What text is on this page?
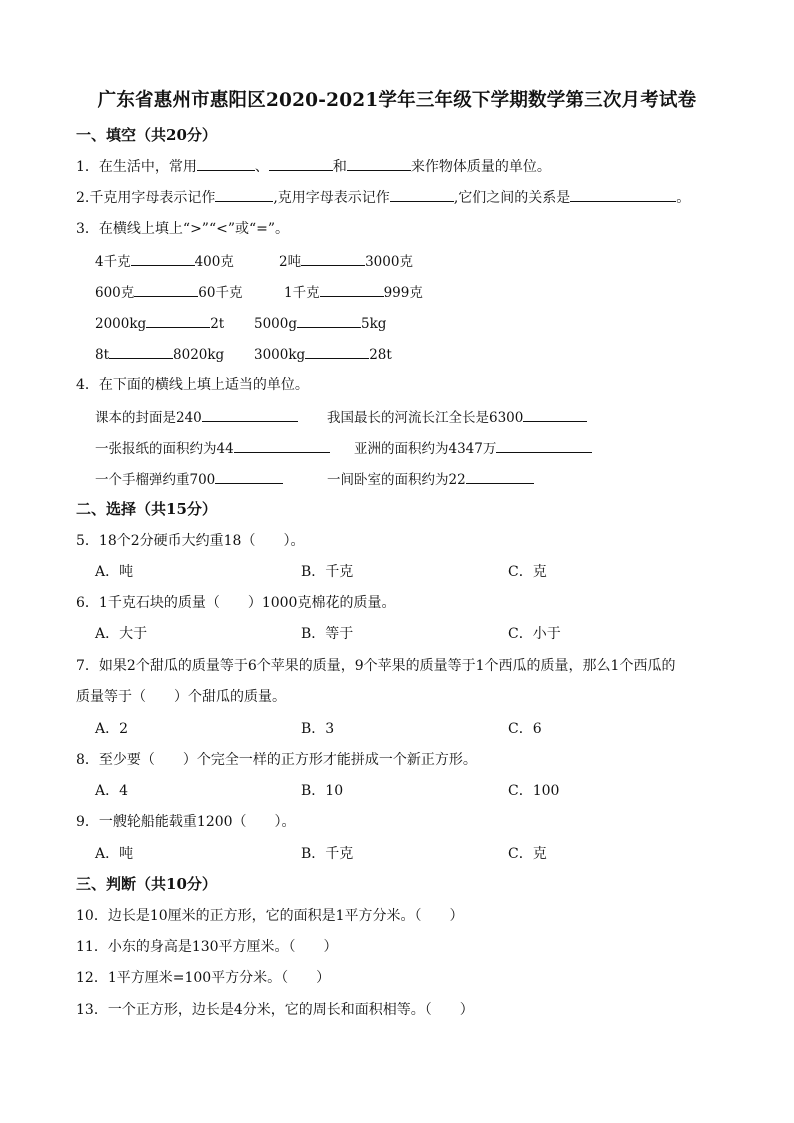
广东省惠州市惠阳区2020-2021学年三年级下学期数学第三次月考试卷
一、填空（共20分）
1．在生活中，常用	、	和	来作物体质量的单位。
2.千克用字母表示记作	,克用字母表示记作	,它们之间的关系是	。
3．在横线上填上“>”“<”或“=”。
4千克	400克	2吨	3000克
600克	60千克	1千克	999克
2000kg	2t 5000g	5kg
8t	8020kg 3000kg	28t
4．在下面的横线上填上适当的单位。
课本的封面是240	我国最长的河流长江全长是6300
一张报纸的面积约为44	亚洲的面积约为4347万
一个手榴弹约重700	一间卧室的面积约为22
二、选择（共15分）
5．18个2分硬币大约重18（　　）。
A．吨	B．千克	C．克
6．1千克石块的质量（　　）1000克棉花的质量。
A．大于	B．等于	C．小于
7．如果2个甜瓜的质量等于6个苹果的质量，9个苹果的质量等于1个西瓜的质量，那么1个西瓜的
质量等于（　　）个甜瓜的质量。
A．2	B．3	C．6
8．至少要（　　）个完全一样的正方形才能拼成一个新正方形。
A．4	B．10	C．100
9．一艘轮船能载重1200（　　）。
A．吨	B．千克	C．克
三、判断（共10分）
10．边长是10厘米的正方形，它的面积是1平方分米。（　　）
11．小东的身高是130平方厘米。（　　）
12．1平方厘米=100平方分米。（　　）
13．一个正方形，边长是4分米，它的周长和面积相等。（　　）
